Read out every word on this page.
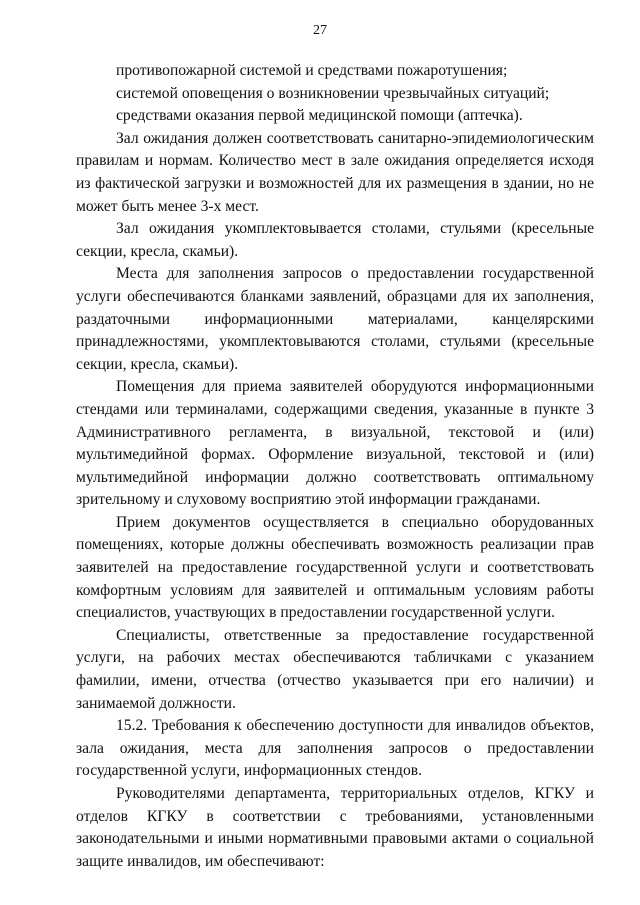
27

противопожарной системой и средствами пожаротушения;

системой оповещения о возникновении чрезвычайных ситуаций;

средствами оказания первой медицинской помощи (аптечка).

Зал ожидания должен соответствовать санитарно-эпидемиологическим правилам и нормам. Количество мест в зале ожидания определяется исходя из фактической загрузки и возможностей для их размещения в здании, но не может быть менее 3-х мест.

Зал ожидания укомплектовывается столами, стульями (кресельные секции, кресла, скамьи).

Места для заполнения запросов о предоставлении государственной услуги обеспечиваются бланками заявлений, образцами для их заполнения, раздаточными информационными материалами, канцелярскими принадлежностями, укомплектовываются столами, стульями (кресельные секции, кресла, скамьи).

Помещения для приема заявителей оборудуются информационными стендами или терминалами, содержащими сведения, указанные в пункте 3 Административного регламента, в визуальной, текстовой и (или) мультимедийной формах. Оформление визуальной, текстовой и (или) мультимедийной информации должно соответствовать оптимальному зрительному и слуховому восприятию этой информации гражданами.

Прием документов осуществляется в специально оборудованных помещениях, которые должны обеспечивать возможность реализации прав заявителей на предоставление государственной услуги и соответствовать комфортным условиям для заявителей и оптимальным условиям работы специалистов, участвующих в предоставлении государственной услуги.

Специалисты, ответственные за предоставление государственной услуги, на рабочих местах обеспечиваются табличками с указанием фамилии, имени, отчества (отчество указывается при его наличии) и занимаемой должности.

15.2. Требования к обеспечению доступности для инвалидов объектов, зала ожидания, места для заполнения запросов о предоставлении государственной услуги, информационных стендов.

Руководителями департамента, территориальных отделов, КГКУ и отделов КГКУ в соответствии с требованиями, установленными законодательными и иными нормативными правовыми актами о социальной защите инвалидов, им обеспечивают:
